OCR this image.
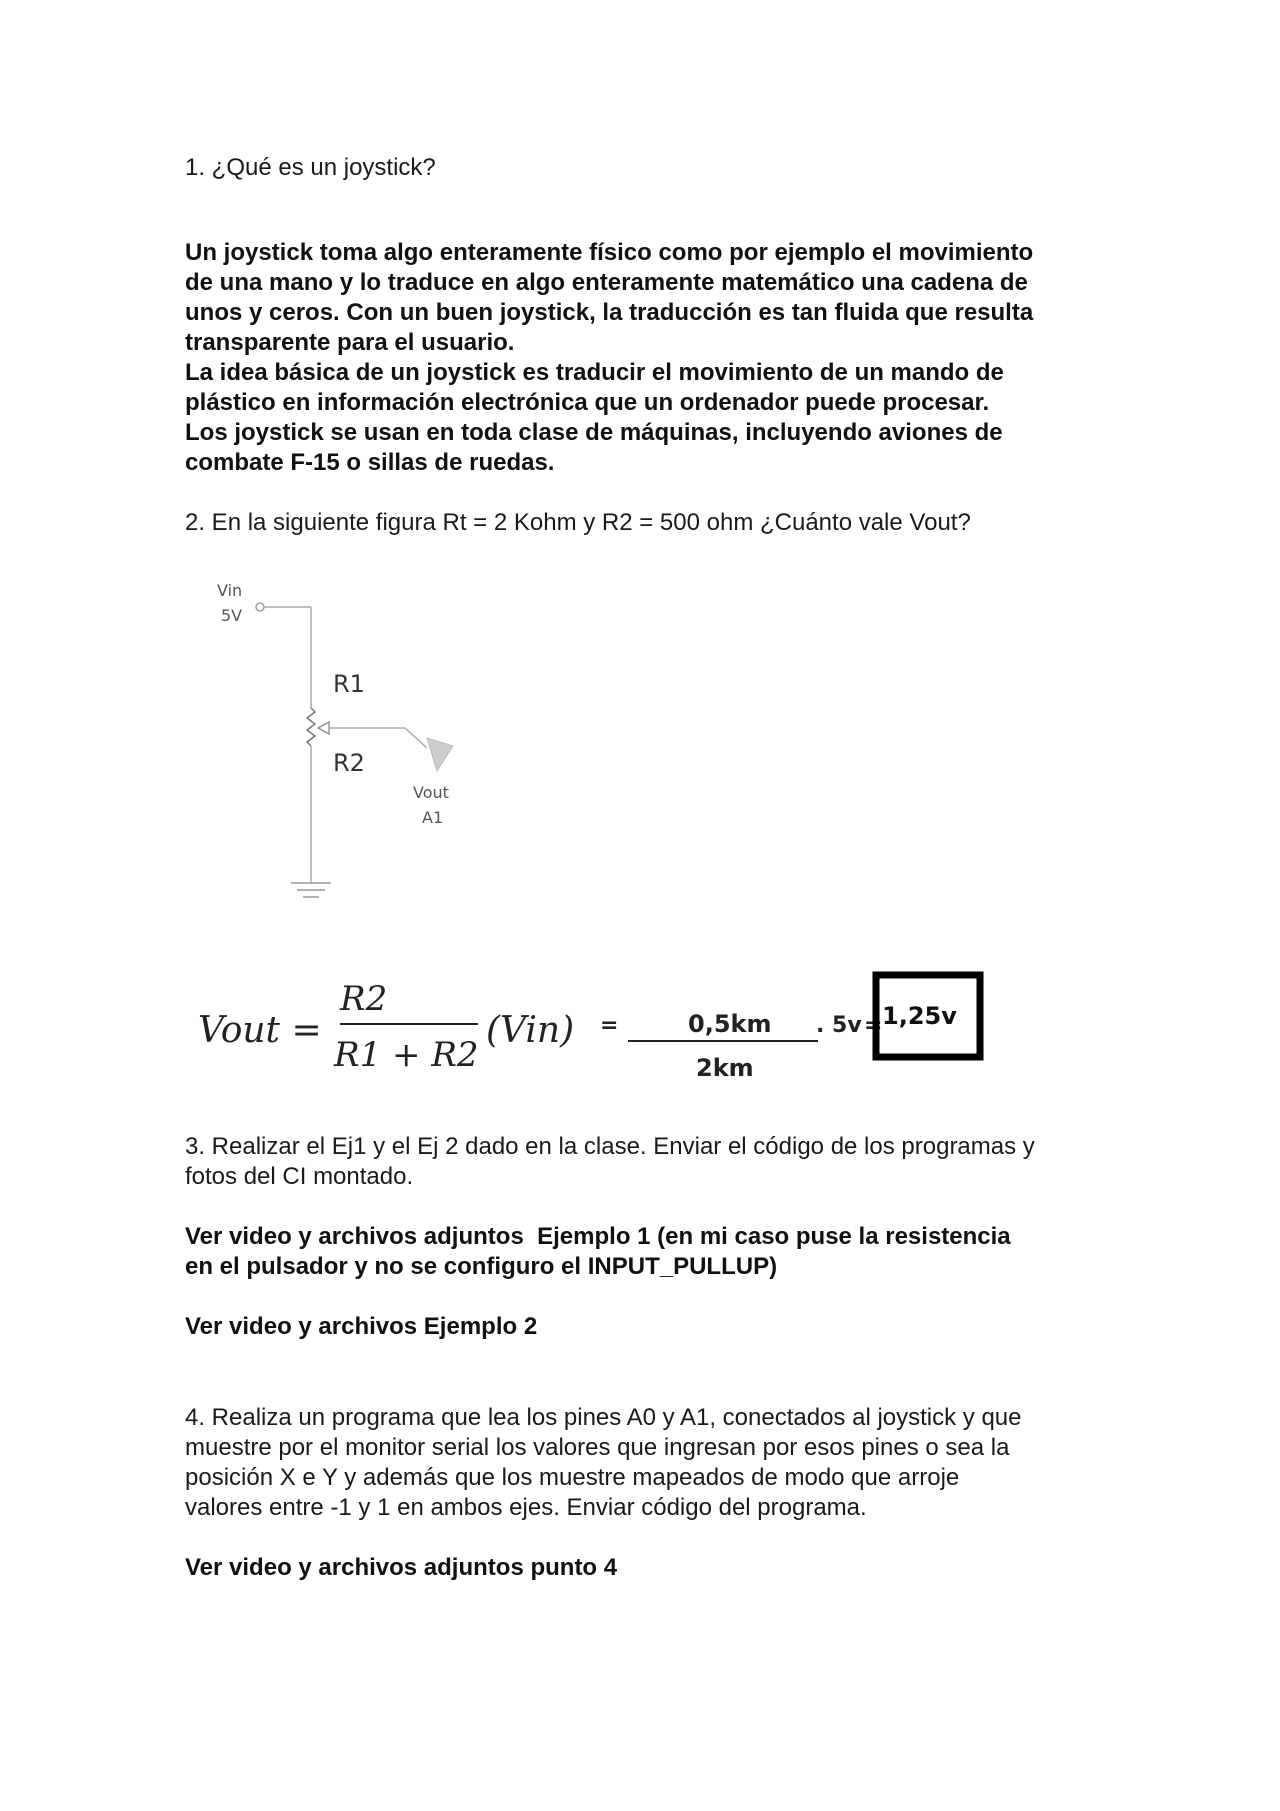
1. ¿Qué es un joystick?
Un joystick toma algo enteramente físico como por ejemplo el movimiento
de una mano y lo traduce en algo enteramente matemático una cadena de
unos y ceros. Con un buen joystick, la traducción es tan fluida que resulta
transparente para el usuario.
La idea básica de un joystick es traducir el movimiento de un mando de
plástico en información electrónica que un ordenador puede procesar.
Los joystick se usan en toda clase de máquinas, incluyendo aviones de
combate F-15 o sillas de ruedas.
2. En la siguiente figura Rt = 2 Kohm y R2 = 500 ohm ¿Cuánto vale Vout?
Vin
5V
R1
R2
Vout
A1
Vout =
R2
R1 + R2
(Vin) =	0,5km
2km
. 5v = 1,25v
3. Realizar el Ej1 y el Ej 2 dado en la clase. Enviar el código de los programas y
fotos del CI montado.
Ver video y archivos adjuntos  Ejemplo 1 (en mi caso puse la resistencia
en el pulsador y no se configuro el INPUT_PULLUP)
Ver video y archivos Ejemplo 2
4. Realiza un programa que lea los pines A0 y A1, conectados al joystick y que
muestre por el monitor serial los valores que ingresan por esos pines o sea la
posición X e Y y además que los muestre mapeados de modo que arroje
valores entre -1 y 1 en ambos ejes. Enviar código del programa.
Ver video y archivos adjuntos punto 4
